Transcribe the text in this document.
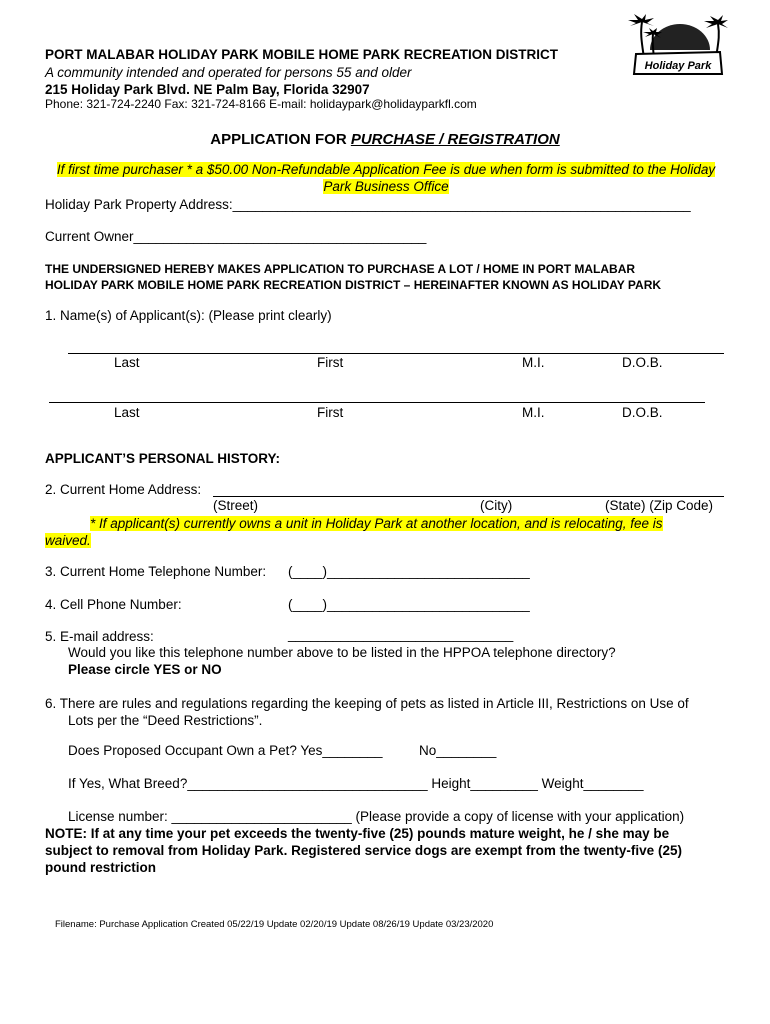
PORT MALABAR HOLIDAY PARK MOBILE HOME PARK RECREATION DISTRICT
A community intended and operated for persons 55 and older
215 Holiday Park Blvd. NE Palm Bay, Florida 32907
Phone: 321-724-2240 Fax: 321-724-8166 E-mail: holidaypark@holidayparkfl.com
Holiday Park
APPLICATION FOR PURCHASE / REGISTRATION
If first time purchaser * a $50.00 Non-Refundable Application Fee is due when form is submitted to the Holiday
Park Business Office
Holiday Park Property Address:_____________________________________________________________
Current Owner_______________________________________
THE UNDERSIGNED HEREBY MAKES APPLICATION TO PURCHASE A LOT / HOME IN PORT MALABAR
HOLIDAY PARK MOBILE HOME PARK RECREATION DISTRICT – HEREINAFTER KNOWN AS HOLIDAY PARK
1. Name(s) of Applicant(s): (Please print clearly)
Last	First	M.I.	D.O.B.
Last	First	M.I.	D.O.B.
APPLICANT’S PERSONAL HISTORY:
2. Current Home Address:
(Street)	(City)	(State) (Zip Code)
* If applicant(s) currently owns a unit in Holiday Park at another location, and is relocating, fee is
waived.
3. Current Home Telephone Number: (____)___________________________
4. Cell Phone Number:	(____)___________________________
5. E-mail address:	______________________________
Would you like this telephone number above to be listed in the HPPOA telephone directory?
Please circle YES or NO
6. There are rules and regulations regarding the keeping of pets as listed in Article III, Restrictions on Use of
Lots per the “Deed Restrictions”.
Does Proposed Occupant Own a Pet? Yes________	No________
If Yes, What Breed?________________________________ Height_________ Weight________
License number: ________________________ (Please provide a copy of license with your application)
NOTE: If at any time your pet exceeds the twenty-five (25) pounds mature weight, he / she may be
subject to removal from Holiday Park. Registered service dogs are exempt from the twenty-five (25)
pound restriction
Filename: Purchase Application Created 05/22/19 Update 02/20/19 Update 08/26/19 Update 03/23/2020
